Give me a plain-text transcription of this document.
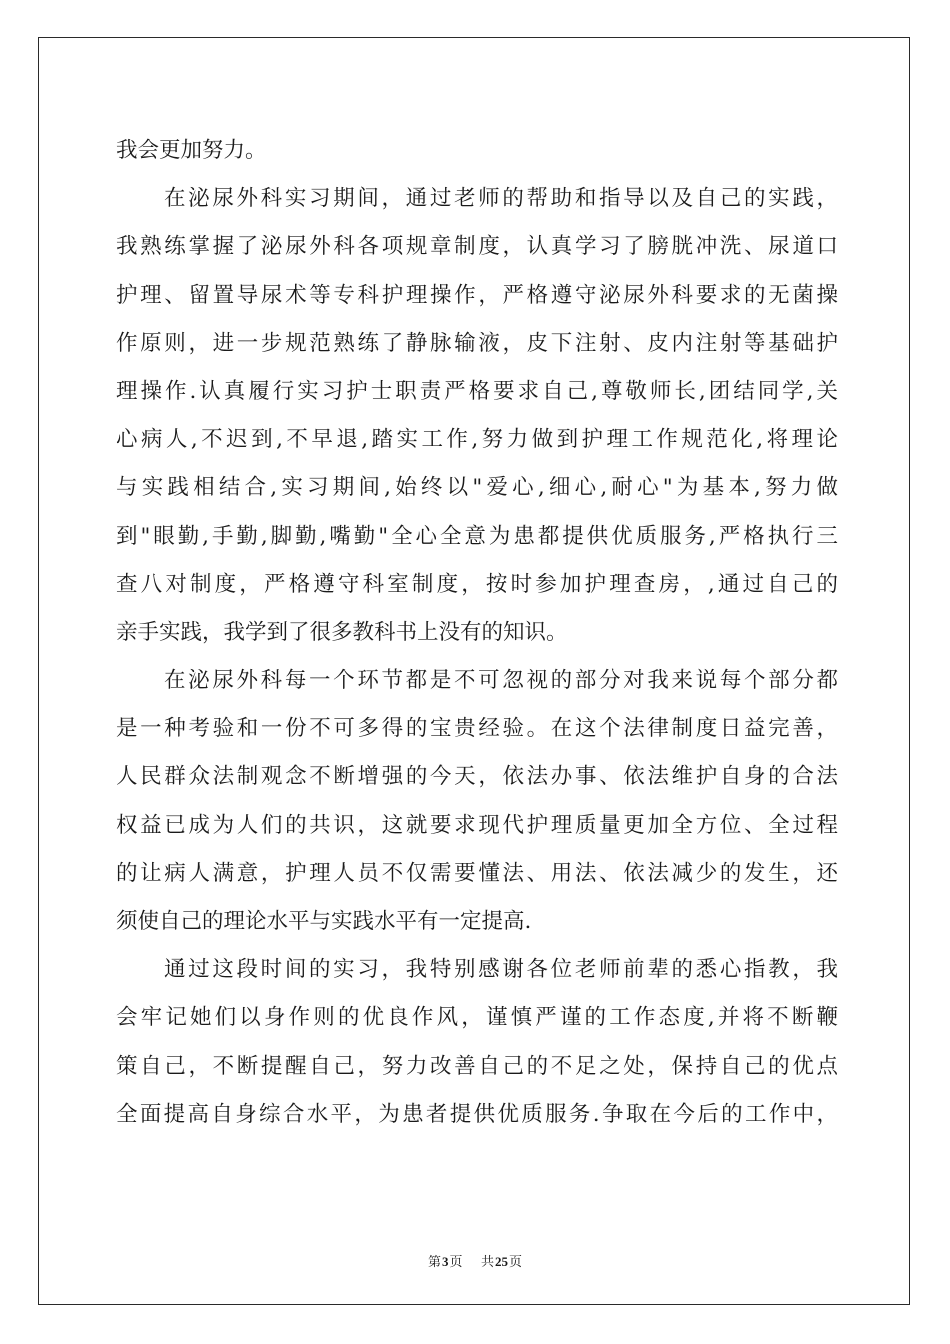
我会更加努力。
在泌尿外科实习期间，通过老师的帮助和指导以及自己的实践，
我熟练掌握了泌尿外科各项规章制度，认真学习了膀胱冲洗、尿道口
护理、留置导尿术等专科护理操作，严格遵守泌尿外科要求的无菌操
作原则，进一步规范熟练了静脉输液，皮下注射、皮内注射等基础护
理操作.认真履行实习护士职责严格要求自己,尊敬师长,团结同学,关
心病人,不迟到,不早退,踏实工作,努力做到护理工作规范化,将理论
与实践相结合,实习期间,始终以"爱心,细心,耐心"为基本,努力做
到"眼勤,手勤,脚勤,嘴勤"全心全意为患都提供优质服务,严格执行三
查八对制度，严格遵守科室制度，按时参加护理查房，,通过自己的
亲手实践，我学到了很多教科书上没有的知识。
在泌尿外科每一个环节都是不可忽视的部分对我来说每个部分都
是一种考验和一份不可多得的宝贵经验。在这个法律制度日益完善，
人民群众法制观念不断增强的今天，依法办事、依法维护自身的合法
权益已成为人们的共识，这就要求现代护理质量更加全方位、全过程
的让病人满意，护理人员不仅需要懂法、用法、依法减少的发生，还
须使自己的理论水平与实践水平有一定提高.
通过这段时间的实习，我特别感谢各位老师前辈的悉心指教，我
会牢记她们以身作则的优良作风，谨慎严谨的工作态度,并将不断鞭
策自己，不断提醒自己，努力改善自己的不足之处，保持自己的优点
全面提高自身综合水平，为患者提供优质服务.争取在今后的工作中，
第3页 共25页
